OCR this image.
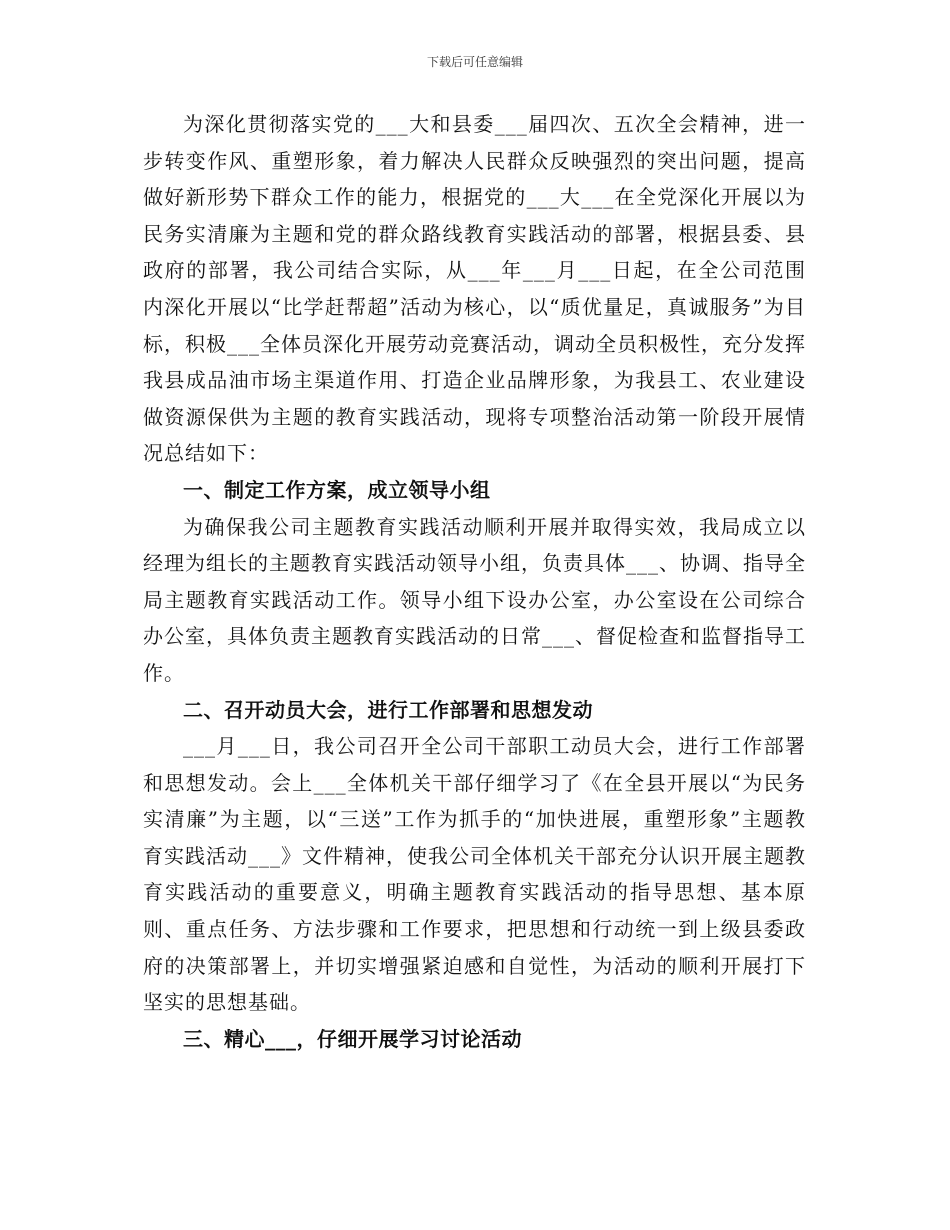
下载后可任意编辑

为深化贯彻落实党的___大和县委___届四次、五次全会精神，进一步转变作风、重塑形象，着力解决人民群众反映强烈的突出问题，提高做好新形势下群众工作的能力，根据党的___大___在全党深化开展以为民务实清廉为主题和党的群众路线教育实践活动的部署，根据县委、县政府的部署，我公司结合实际，从___年___月___日起，在全公司范围内深化开展以“比学赶帮超”活动为核心，以“质优量足，真诚服务”为目标，积极___全体员深化开展劳动竞赛活动，调动全员积极性，充分发挥我县成品油市场主渠道作用、打造企业品牌形象，为我县工、农业建设做资源保供为主题的教育实践活动，现将专项整治活动第一阶段开展情况总结如下：

一、制定工作方案，成立领导小组

为确保我公司主题教育实践活动顺利开展并取得实效，我局成立以经理为组长的主题教育实践活动领导小组，负责具体___、协调、指导全局主题教育实践活动工作。领导小组下设办公室，办公室设在公司综合办公室，具体负责主题教育实践活动的日常___、督促检查和监督指导工作。

二、召开动员大会，进行工作部署和思想发动

___月___日，我公司召开全公司干部职工动员大会，进行工作部署和思想发动。会上___全体机关干部仔细学习了《在全县开展以“为民务实清廉”为主题，以“三送”工作为抓手的“加快进展，重塑形象”主题教育实践活动___》文件精神，使我公司全体机关干部充分认识开展主题教育实践活动的重要意义，明确主题教育实践活动的指导思想、基本原则、重点任务、方法步骤和工作要求，把思想和行动统一到上级县委政府的决策部署上，并切实增强紧迫感和自觉性，为活动的顺利开展打下坚实的思想基础。

三、精心___，仔细开展学习讨论活动
